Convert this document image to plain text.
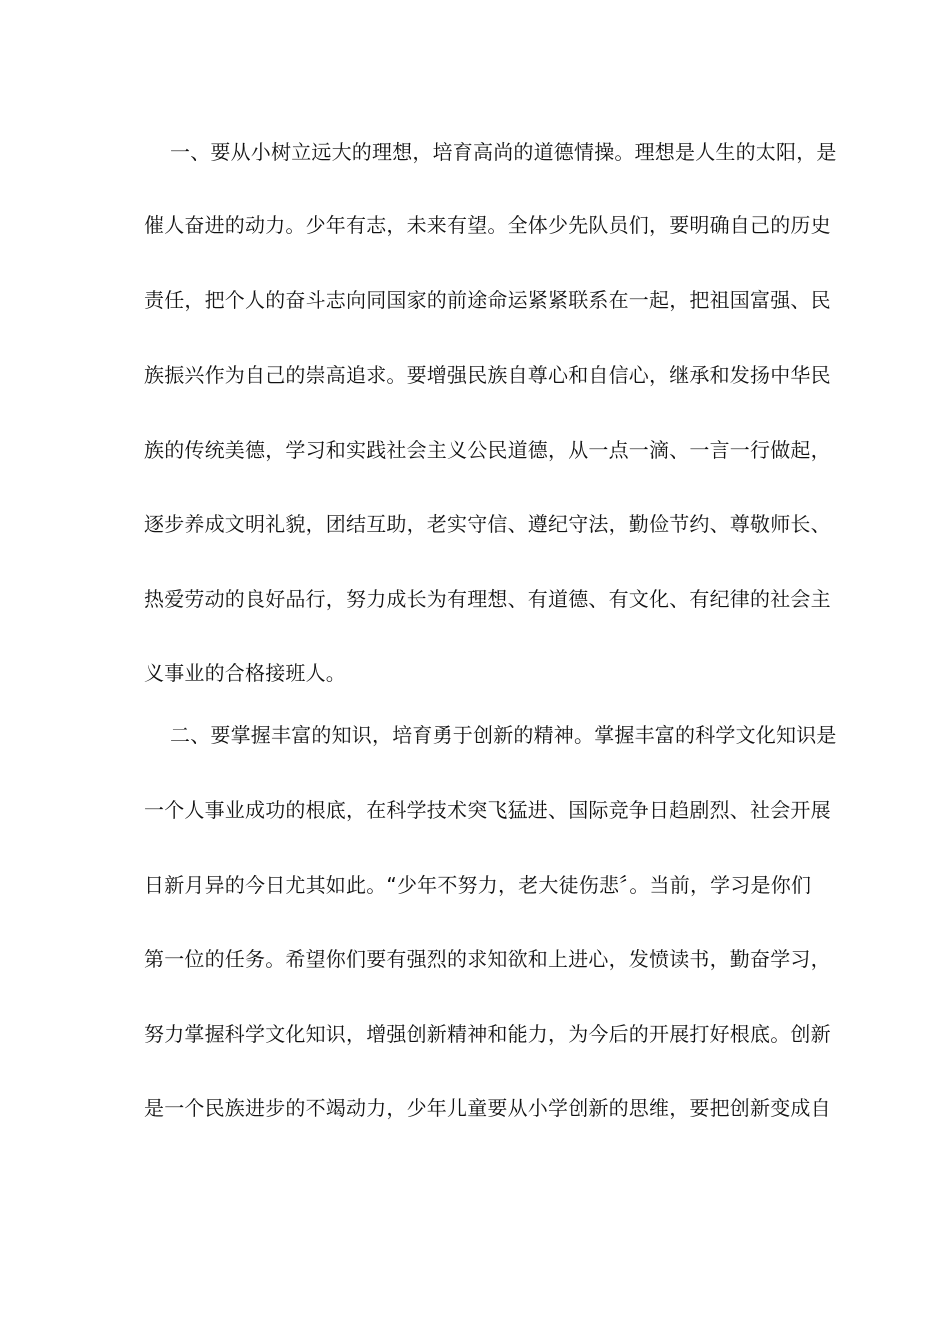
一、要从小树立远大的理想，培育高尚的道德情操。理想是人生的太阳，是
催人奋进的动力。少年有志，未来有望。全体少先队员们，要明确自己的历史
责任，把个人的奋斗志向同国家的前途命运紧紧联系在一起，把祖国富强、民
族振兴作为自己的崇高追求。要增强民族自尊心和自信心，继承和发扬中华民
族的传统美德，学习和实践社会主义公民道德，从一点一滴、一言一行做起，
逐步养成文明礼貌，团结互助，老实守信、遵纪守法，勤俭节约、尊敬师长、
热爱劳动的良好品行，努力成长为有理想、有道德、有文化、有纪律的社会主
义事业的合格接班人。
二、要掌握丰富的知识，培育勇于创新的精神。掌握丰富的科学文化知识是
一个人事业成功的根底，在科学技术突飞猛进、国际竞争日趋剧烈、社会开展
日新月异的今日尤其如此。“少年不努力，老大徒伤悲〞。当前，学习是你们
第一位的任务。希望你们要有强烈的求知欲和上进心，发愤读书，勤奋学习，
努力掌握科学文化知识，增强创新精神和能力，为今后的开展打好根底。创新
是一个民族进步的不竭动力，少年儿童要从小学创新的思维，要把创新变成自
